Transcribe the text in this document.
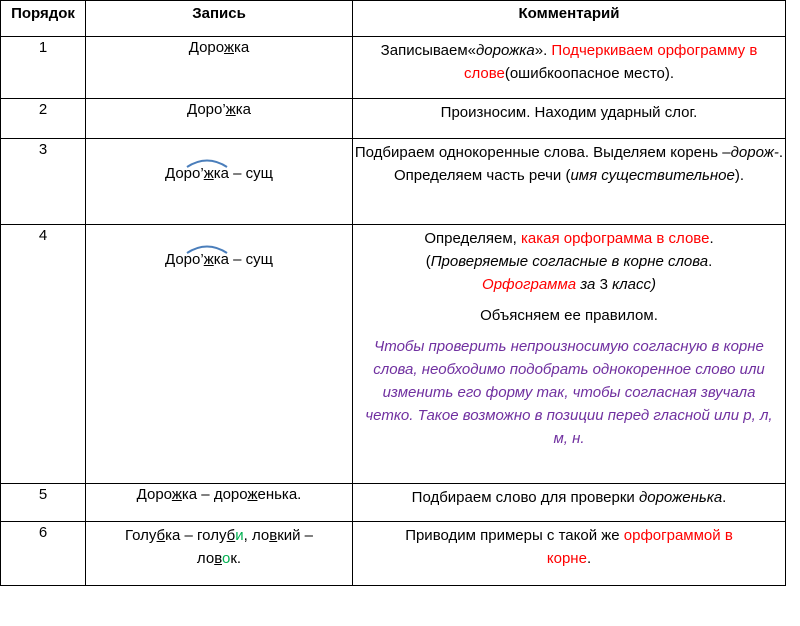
Порядок	Запись	Комментарий

1	Дорожка	Записываем«дорожка». Подчеркиваем орфограмму в слове(ошибкоопасное место).
2	Доро’жка	Произносим. Находим ударный слог.
3	Доро’жка – сущ	Подбираем однокоренные слова. Выделяем корень –дорож-. Определяем часть речи (имя существительное).
4	Доро’жка – сущ	Определяем, какая орфограмма в слове.
(Проверяемые согласные в корне слова.
Орфограмма за 3 класс)
Объясняем ее правилом.
Чтобы проверить непроизносимую согласную в корне слова, необходимо подобрать однокоренное слово или изменить его форму так, чтобы согласная звучала четко. Такое возможно в позиции перед гласной или р, л, м, н.

5	Дорожка – дороженька.	Подбираем слово для проверки дороженька.
6	Голубка – голуби, ловкий –
ловок.	Приводим примеры с такой же орфограммой в корне.
